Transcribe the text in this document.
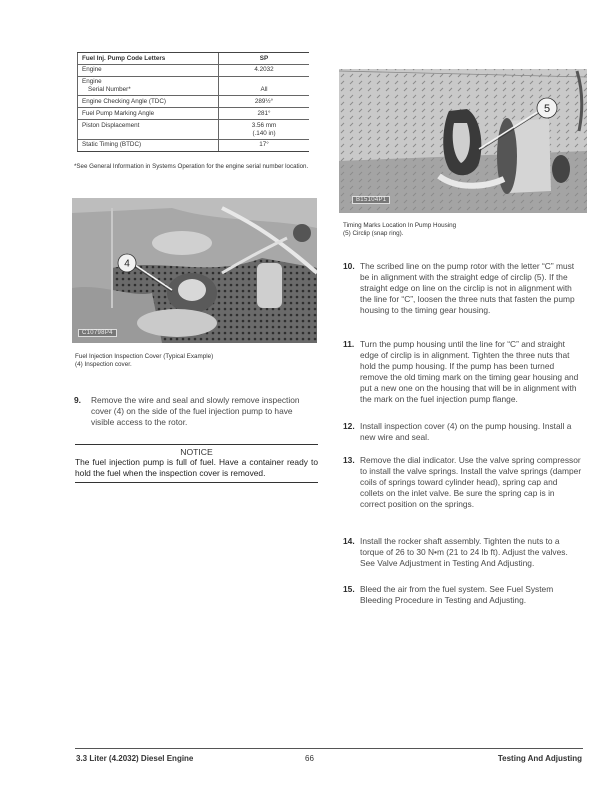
Fuel Inj. Pump Code Letters	SP
Engine	4.2032

Engine
Serial Number*	All
Engine Checking Angle (TDC)	289½°
Fuel Pump Marking Angle	281°
Piston Displacement	3.56 mm
(.140 in)

Static Timing (BTDC)	17°
*See General Information in Systems Operation for the engine serial number location.
4
C10798P4
Fuel Injection Inspection Cover (Typical Example)
(4) Inspection cover.
5
B15104P1
Timing Marks Location In Pump Housing
(5) Circlip (snap ring).
9. Remove the wire and seal and slowly remove inspection cover (4) on the side of the fuel injection pump to have visible access to the rotor.
NOTICE
The fuel injection pump is full of fuel. Have a container ready to hold the fuel when the inspection cover is removed.
10. The scribed line on the pump rotor with the letter “C” must be in alignment with the straight edge of circlip (5). If the straight edge on line on the circlip is not in alignment with the line for “C”, loosen the three nuts that fasten the pump housing to the timing gear housing.
11. Turn the pump housing until the line for “C” and straight edge of circlip is in alignment. Tighten the three nuts that hold the pump housing. If the pump has been turned remove the old timing mark on the timing gear housing and put a new one on the housing that will be in alignment with the mark on the fuel injection pump flange.
12. Install inspection cover (4) on the pump housing. Install a new wire and seal.
13. Remove the dial indicator. Use the valve spring compressor to install the valve springs. Install the valve springs (damper coils of springs toward cylinder head), spring cap and collets on the inlet valve. Be sure the spring cap is in correct position on the springs.
14. Install the rocker shaft assembly. Tighten the nuts to a torque of 26 to 30 N•m (21 to 24 lb ft). Adjust the valves. See Valve Adjustment in Testing And Adjusting.
15. Bleed the air from the fuel system. See Fuel System Bleeding Procedure in Testing and Adjusting.
3.3 Liter (4.2032) Diesel Engine	66	Testing And Adjusting
